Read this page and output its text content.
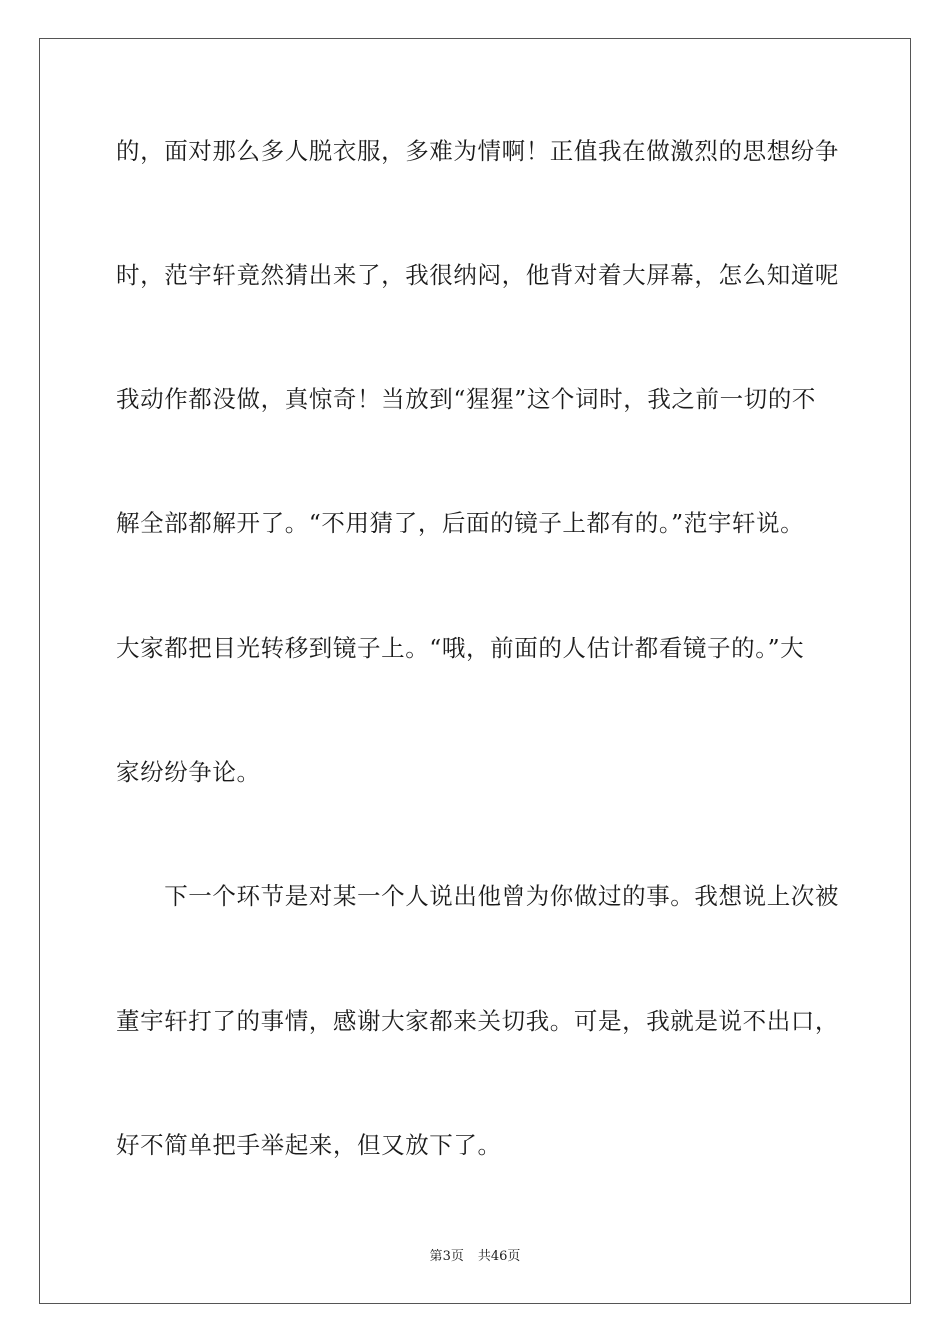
的，面对那么多人脱衣服，多难为情啊！正值我在做激烈的思想纷争
时，范宇轩竟然猜出来了，我很纳闷，他背对着大屏幕，怎么知道呢
我动作都没做，真惊奇！当放到“猩猩”这个词时，我之前一切的不
解全部都解开了。“不用猜了，后面的镜子上都有的。”范宇轩说。
大家都把目光转移到镜子上。“哦，前面的人估计都看镜子的。”大
家纷纷争论。
　　下一个环节是对某一个人说出他曾为你做过的事。我想说上次被
董宇轩打了的事情，感谢大家都来关切我。可是，我就是说不出口，
好不简单把手举起来，但又放下了。
第3页 共46页
